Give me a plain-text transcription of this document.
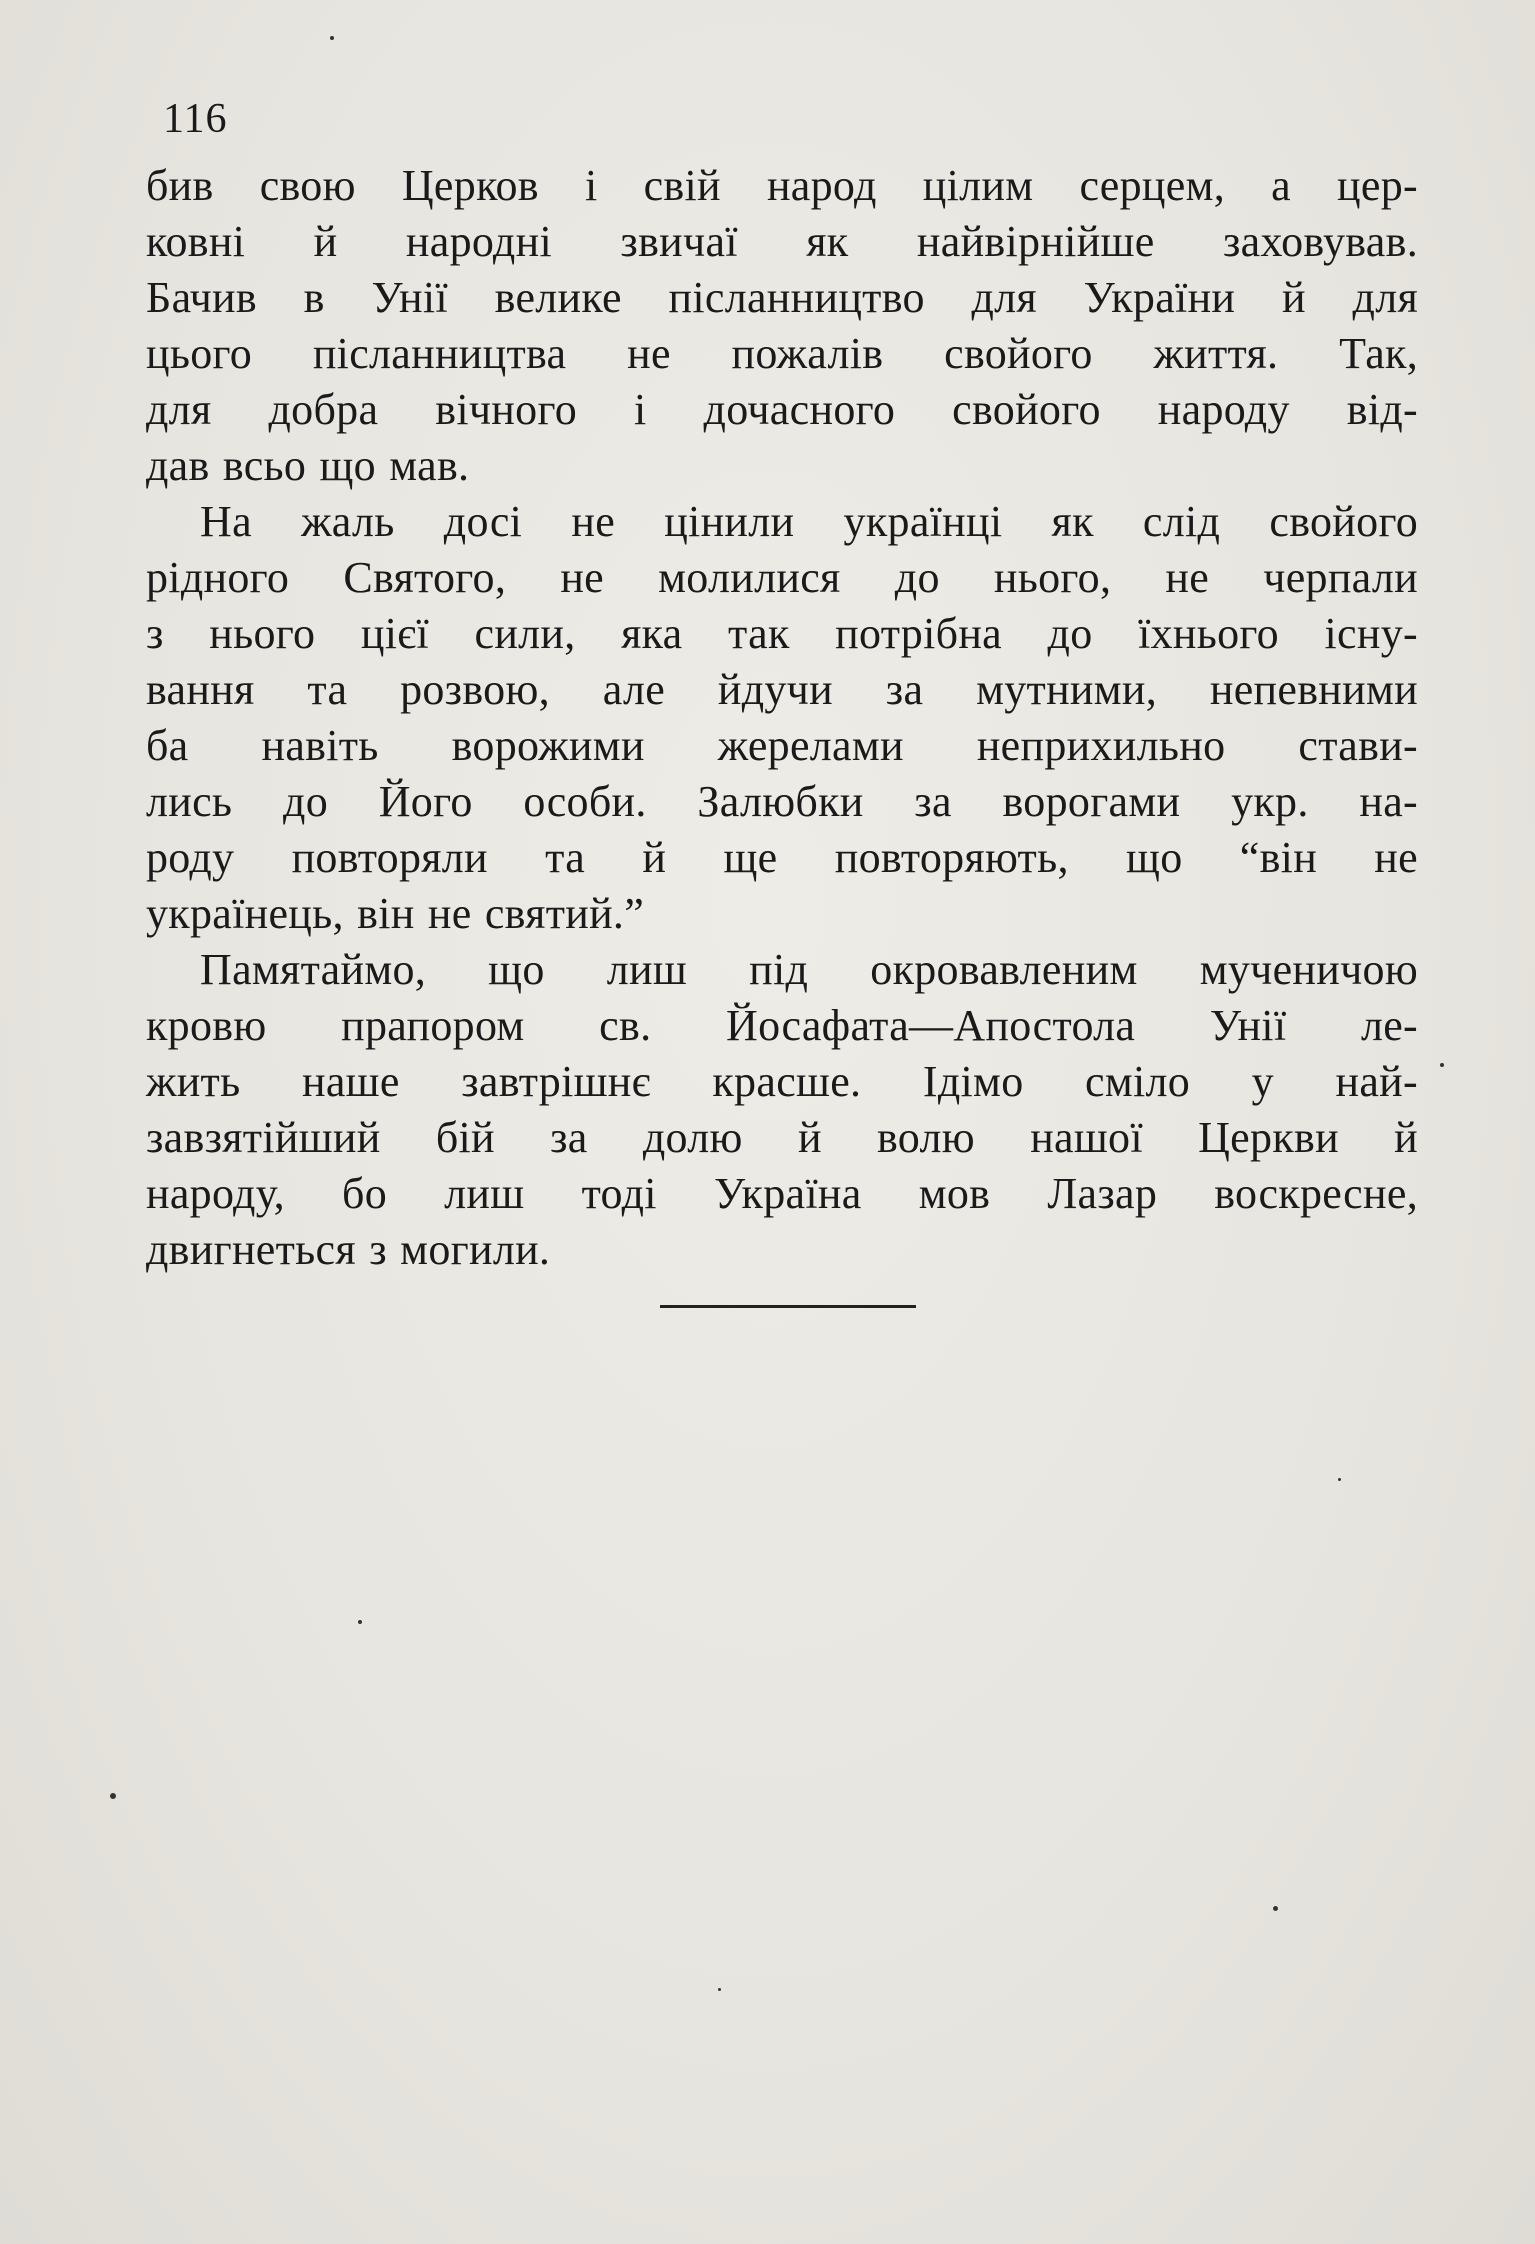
116
бив свою Церков і свій народ цілим серцем, а цер-
ковні й народні звичаї як найвірнійше заховував.
Бачив в Унії велике післанництво для України й для
цього післанництва не пожалів свойого життя. Так,
для добра вічного і дочасного свойого народу від-
дав всьо що мав.
На жаль досі не цінили українці як слід свойого
рідного Святого, не молилися до нього, не черпали
з нього цієї сили, яка так потрібна до їхнього існу-
вання та розвою, але йдучи за мутними, непевними
ба навіть ворожими жерелами неприхильно стави-
лись до Його особи. Залюбки за ворогами укр. на-
роду повторяли та й ще повторяють, що “він не
українець, він не святий.”
Памятаймо, що лиш під окровавленим мученичою
кровю прапором св. Йосафата—Апостола Унії ле-
жить наше завтрішнє красше. Ідімо сміло у най-
завзятійший бій за долю й волю нашої Церкви й
народу, бо лиш тоді Україна мов Лазар воскресне,
двигнеться з могили.
